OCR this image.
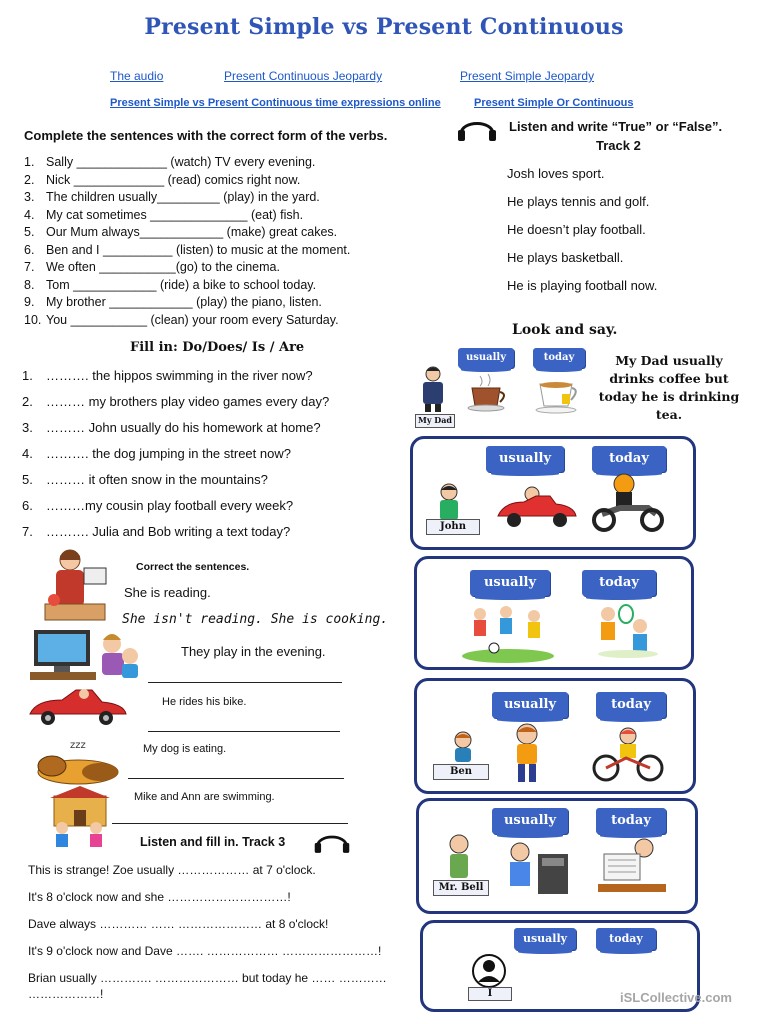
Present Simple vs Present Continuous
The audio	Present Continuous Jeopardy	Present Simple Jeopardy
Present Simple vs Present Continuous time expressions online	Present Simple Or Continuous
Complete the sentences with the correct form of the verbs.
1. Sally _____________ (watch) TV every evening.
2. Nick _____________ (read) comics right now.
3. The children usually_________ (play) in the yard.
4. My cat sometimes ______________ (eat) fish.
5. Our Mum always____________ (make) great cakes.
6. Ben and I __________ (listen) to music at the moment.
7. We often ___________(go) to the cinema.
8. Tom ____________ (ride) a bike to school today.
9. My brother ____________ (play) the piano, listen.
10. You ___________ (clean) your room every Saturday.
Listen and write “True” or “False”.
Track 2

Josh loves sport.

He plays tennis and golf.

He doesn’t play football.

He plays basketball.

He is playing football now.

Fill in: Do/Does/ Is / Are
1. ………. the hippos swimming in the river now?
2. ……… my brothers play video games every day?
3. ……… John usually do his homework at home?
4. ………. the dog jumping in the street now?
5. ……… it often snow in the mountains?
6. ………my cousin play football every week?
7. ………. Julia and Bob writing a text today?
Correct the sentences.
She is reading.
She isn't reading. She is cooking.
They play in the evening.
He rides his bike.
zzz	My dog is eating.
Mike and Ann are swimming.
Listen and fill in. Track 3
This is strange! Zoe usually ……………… at 7 o'clock.
It's 8 o'clock now and she …………………………!
Dave always ………… …… ………………… at 8 o'clock!
It's 9 o'clock now and Dave ……. ……………… ……………………!
Brian usually …………. ………………… but today he …… …………
………………!
Look and say.
My Dad
usually	today	My Dad usually drinks coffee but today he is drinking tea.
usually	today
John
usually	today
usually	today
Ben
usually	today
Mr. Bell
usually	today
I	iSLCollective.com
